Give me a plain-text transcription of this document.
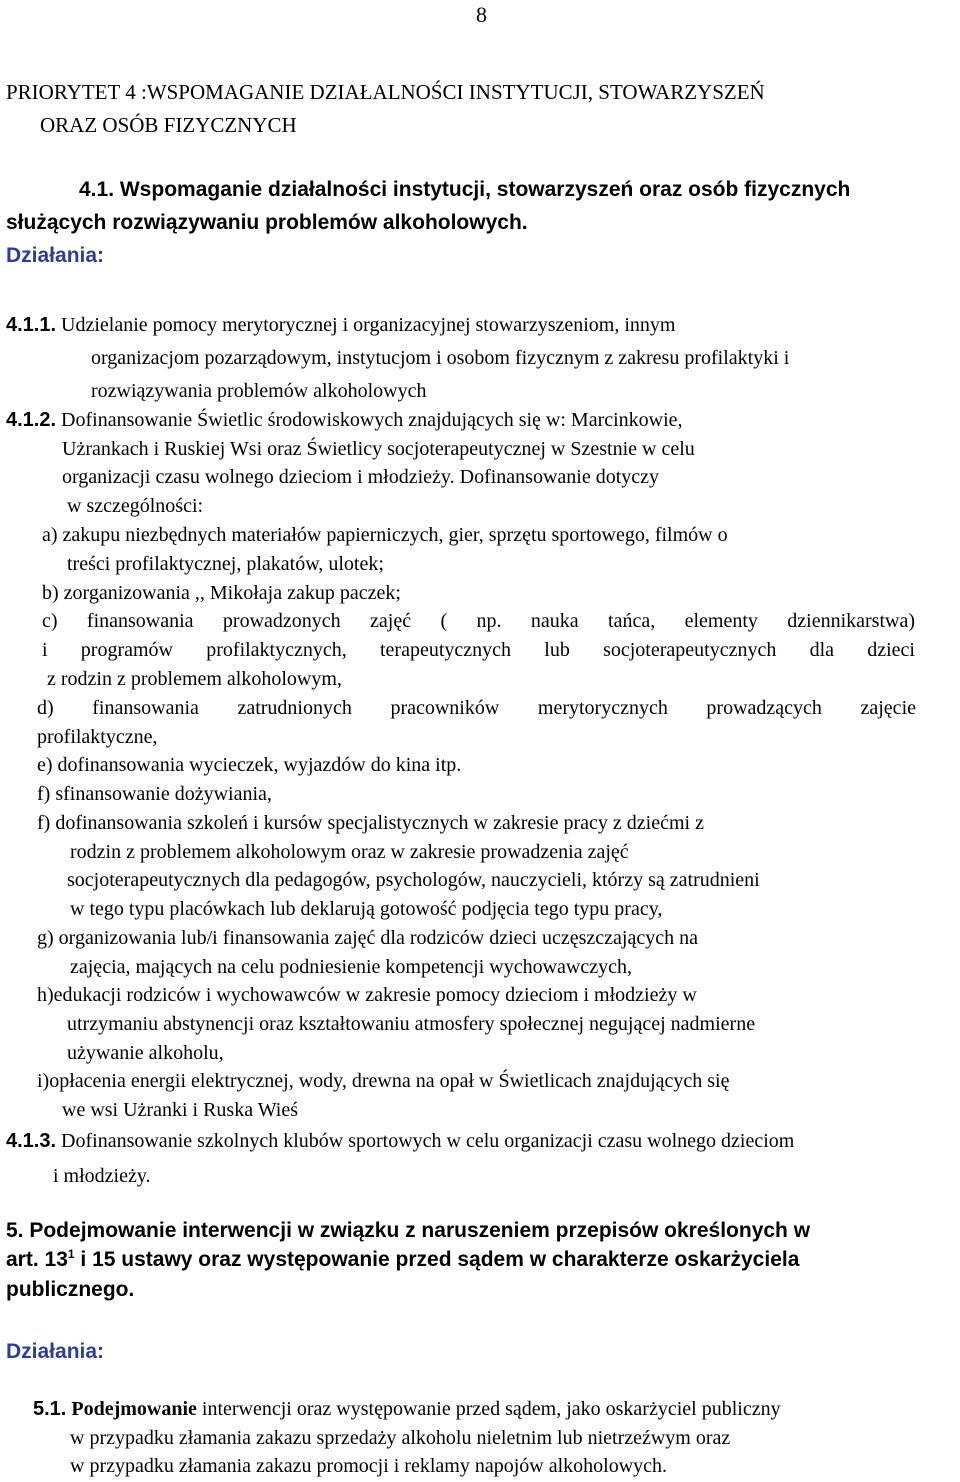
8
PRIORYTET 4 :WSPOMAGANIE DZIAŁALNOŚCI INSTYTUCJI, STOWARZYSZEŃ
ORAZ OSÓB FIZYCZNYCH
4.1. Wspomaganie działalności instytucji, stowarzyszeń oraz osób fizycznych
służących rozwiązywaniu problemów alkoholowych.
Działania:
4.1.1. Udzielanie pomocy merytorycznej i organizacyjnej stowarzyszeniom, innym
organizacjom pozarządowym, instytucjom i osobom fizycznym z zakresu profilaktyki i
rozwiązywania problemów alkoholowych
4.1.2. Dofinansowanie Świetlic środowiskowych znajdujących się w: Marcinkowie,
Użrankach i Ruskiej Wsi oraz Świetlicy socjoterapeutycznej w Szestnie w celu
organizacji czasu wolnego dzieciom i młodzieży. Dofinansowanie dotyczy
w szczególności:
a) zakupu niezbędnych materiałów papierniczych, gier, sprzętu sportowego, filmów o
treści profilaktycznej, plakatów, ulotek;
b) zorganizowania ,, Mikołaja zakup paczek;
c) finansowania prowadzonych zajęć ( np. nauka tańca, elementy dziennikarstwa)
i programów profilaktycznych, terapeutycznych lub socjoterapeutycznych dla dzieci
z rodzin z problemem alkoholowym,
d) finansowania zatrudnionych pracowników merytorycznych prowadzących zajęcie
profilaktyczne,
e) dofinansowania wycieczek, wyjazdów do kina itp.
f) sfinansowanie dożywiania,
f) dofinansowania szkoleń i kursów specjalistycznych w zakresie pracy z dziećmi z
rodzin z problemem alkoholowym oraz w zakresie prowadzenia zajęć
socjoterapeutycznych dla pedagogów, psychologów, nauczycieli, którzy są zatrudnieni
w tego typu placówkach lub deklarują gotowość podjęcia tego typu pracy,
g) organizowania lub/i finansowania zajęć dla rodziców dzieci uczęszczających na
zajęcia, mających na celu podniesienie kompetencji wychowawczych,
h)edukacji rodziców i wychowawców w zakresie pomocy dzieciom i młodzieży w
utrzymaniu abstynencji oraz kształtowaniu atmosfery społecznej negującej nadmierne
używanie alkoholu,
i)opłacenia energii elektrycznej, wody, drewna na opał w Świetlicach znajdujących się
we wsi Użranki i Ruska Wieś
4.1.3. Dofinansowanie szkolnych klubów sportowych w celu organizacji czasu wolnego dzieciom
i młodzieży.
5. Podejmowanie interwencji w związku z naruszeniem przepisów określonych w
art. $13^1$ i 15 ustawy oraz występowanie przed sądem w charakterze oskarżyciela
publicznego.
Działania:
5.1. Podejmowanie interwencji oraz występowanie przed sądem, jako oskarżyciel publiczny
w przypadku złamania zakazu sprzedaży alkoholu nieletnim lub nietrzeźwym oraz
w przypadku złamania zakazu promocji i reklamy napojów alkoholowych.
